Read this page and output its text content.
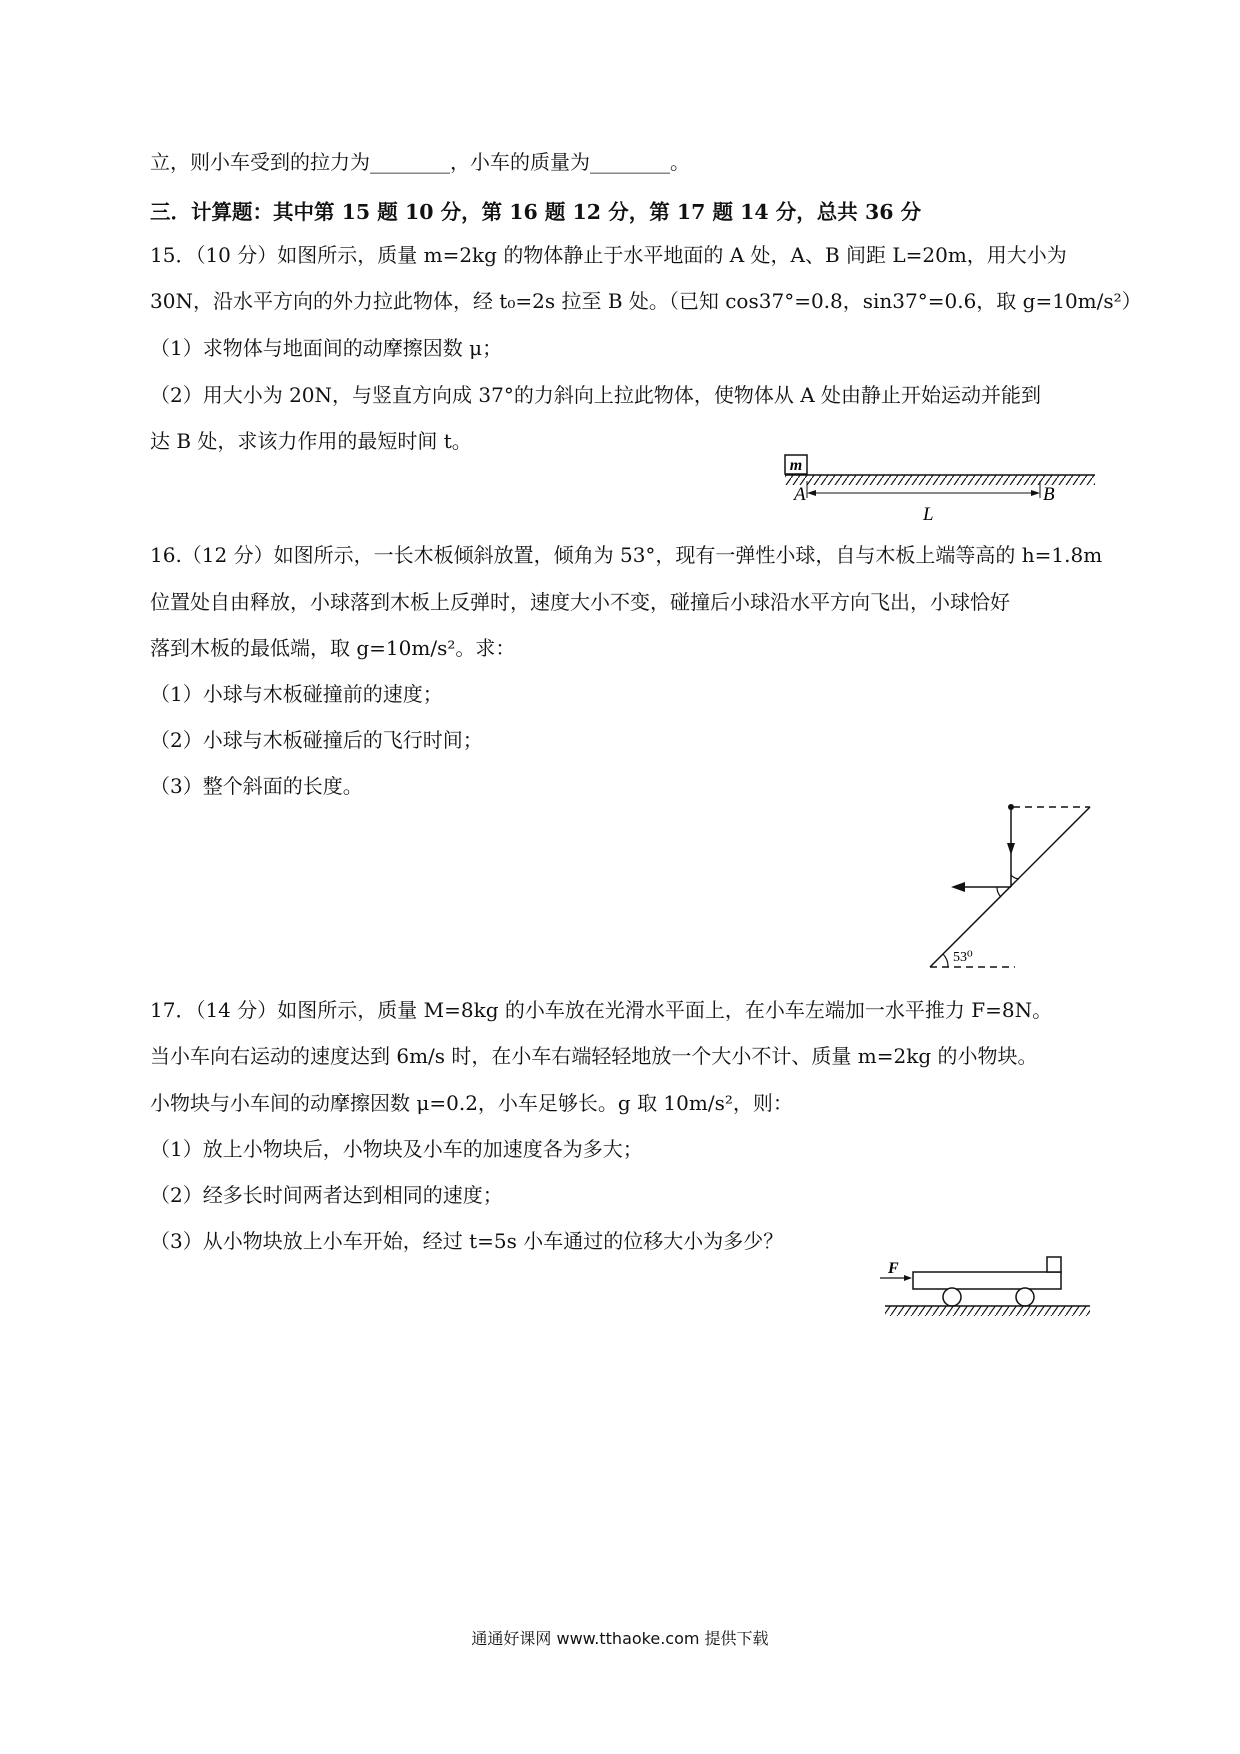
立，则小车受到的拉力为________，小车的质量为________。
三．计算题：其中第 15 题 10 分，第 16 题 12 分，第 17 题 14 分，总共 36 分
15．（10 分）如图所示，质量 m=2kg 的物体静止于水平地面的 A 处，A、B 间距 L=20m，用大小为
30N，沿水平方向的外力拉此物体，经 t₀=2s 拉至 B 处。（已知 cos37°=0.8，sin37°=0.6，取 g=10m/s²）
（1）求物体与地面间的动摩擦因数 μ；
（2）用大小为 20N，与竖直方向成 37°的力斜向上拉此物体，使物体从 A 处由静止开始运动并能到
达 B 处，求该力作用的最短时间 t。
16.（12 分）如图所示，一长木板倾斜放置，倾角为 53°，现有一弹性小球，自与木板上端等高的 h=1.8m
位置处自由释放，小球落到木板上反弹时，速度大小不变，碰撞后小球沿水平方向飞出，小球恰好
落到木板的最低端，取 g=10m/s²。求：
（1）小球与木板碰撞前的速度；
（2）小球与木板碰撞后的飞行时间；
（3）整个斜面的长度。
17．（14 分）如图所示，质量 M=8kg 的小车放在光滑水平面上，在小车左端加一水平推力 F=8N。
当小车向右运动的速度达到 6m/s 时，在小车右端轻轻地放一个大小不计、质量 m=2kg 的小物块。
小物块与小车间的动摩擦因数 μ=0.2，小车足够长。g 取 10m/s²，则：
（1）放上小物块后，小物块及小车的加速度各为多大；
（2）经多长时间两者达到相同的速度；
（3）从小物块放上小车开始，经过 t=5s 小车通过的位移大小为多少？
m
A	B
L
53⁰
F
通通好课网 www.tthaoke.com 提供下载
